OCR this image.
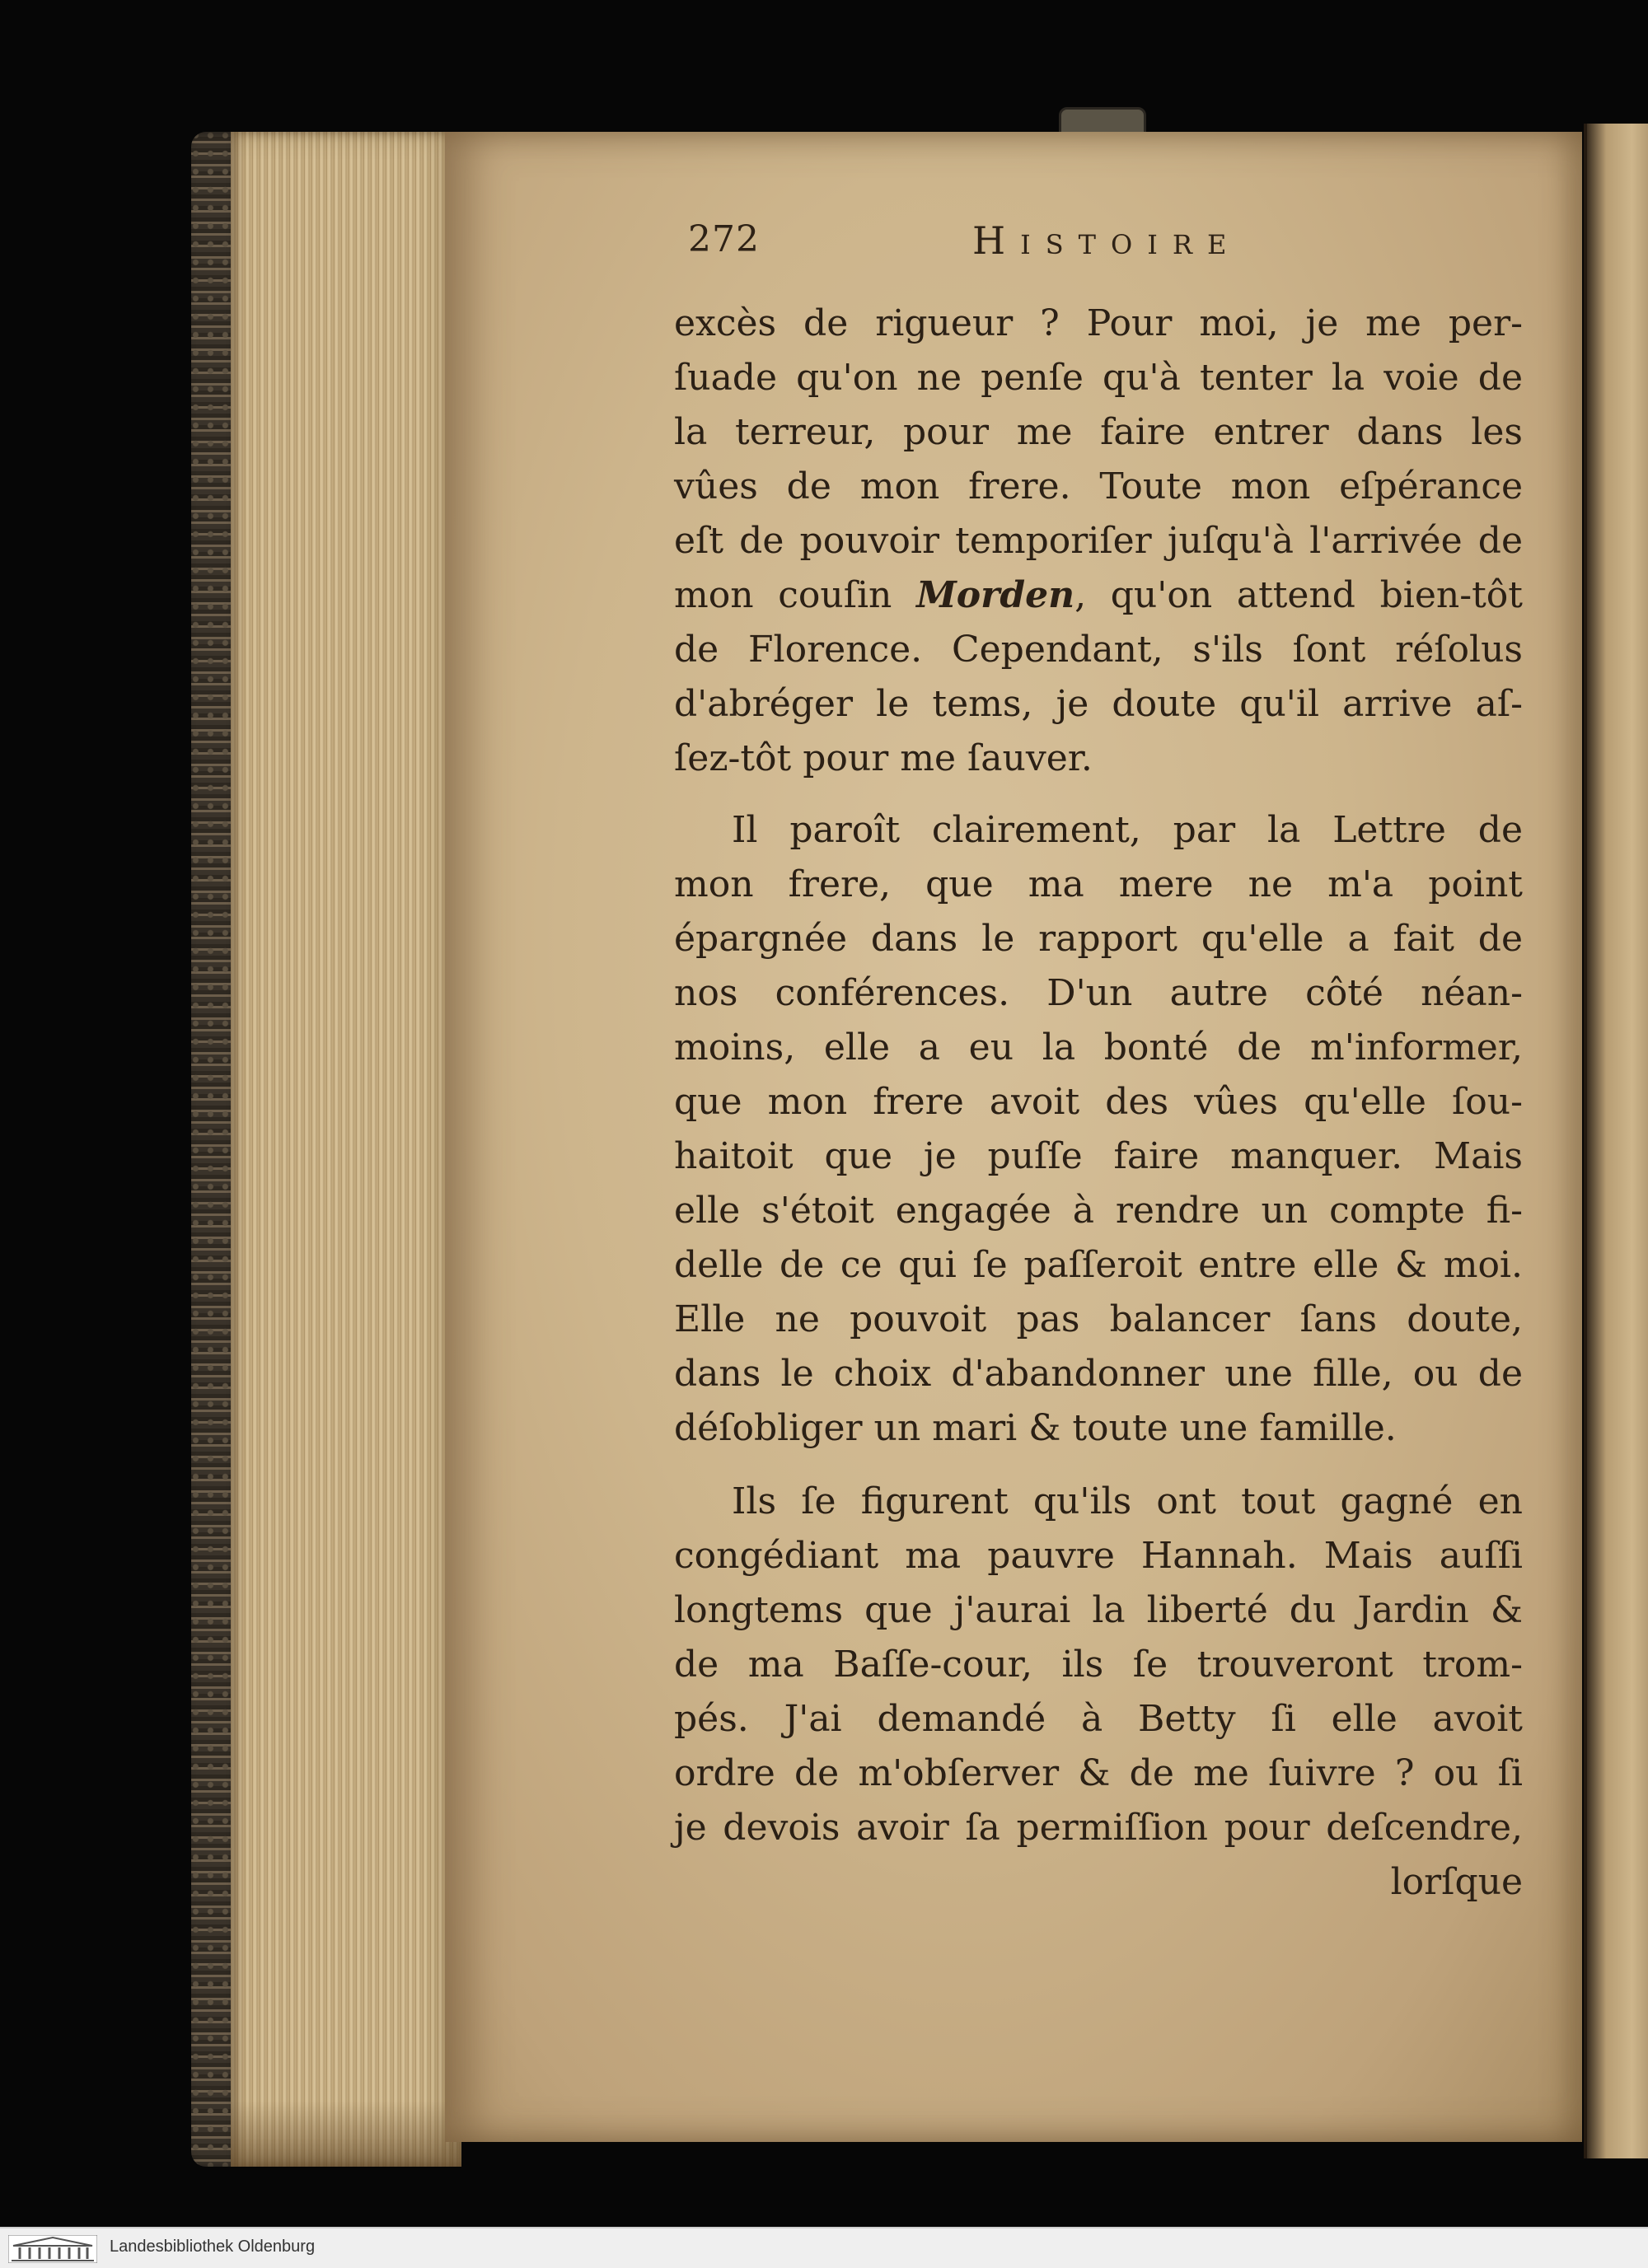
272	Histoire
excès de rigueur ? Pour moi, je me per-
ſuade qu'on ne penſe qu'à tenter la voie de
la terreur, pour me faire entrer dans les
vûes de mon frere. Toute mon eſpérance
eſt de pouvoir temporiſer juſqu'à l'arrivée de
mon couſin Morden, qu'on attend bien-tôt
de Florence. Cependant, s'ils ſont réſolus
d'abréger le tems, je doute qu'il arrive aſ-
ſez-tôt pour me ſauver.
Il paroît clairement, par la Lettre de
mon frere, que ma mere ne m'a point
épargnée dans le rapport qu'elle a fait de
nos conférences. D'un autre côté néan-
moins, elle a eu la bonté de m'informer,
que mon frere avoit des vûes qu'elle ſou-
haitoit que je puſſe faire manquer. Mais
elle s'étoit engagée à rendre un compte fi-
delle de ce qui ſe paſſeroit entre elle & moi.
Elle ne pouvoit pas balancer ſans doute,
dans le choix d'abandonner une fille, ou de
déſobliger un mari & toute une famille.
Ils ſe figurent qu'ils ont tout gagné en
congédiant ma pauvre Hannah. Mais auſſi
longtems que j'aurai la liberté du Jardin &
de ma Baſſe-cour, ils ſe trouveront trom-
pés. J'ai demandé à Betty ſi elle avoit
ordre de m'obſerver & de me ſuivre ? ou ſi
je devois avoir ſa permiſſion pour deſcendre,
lorſque
Landesbibliothek Oldenburg
